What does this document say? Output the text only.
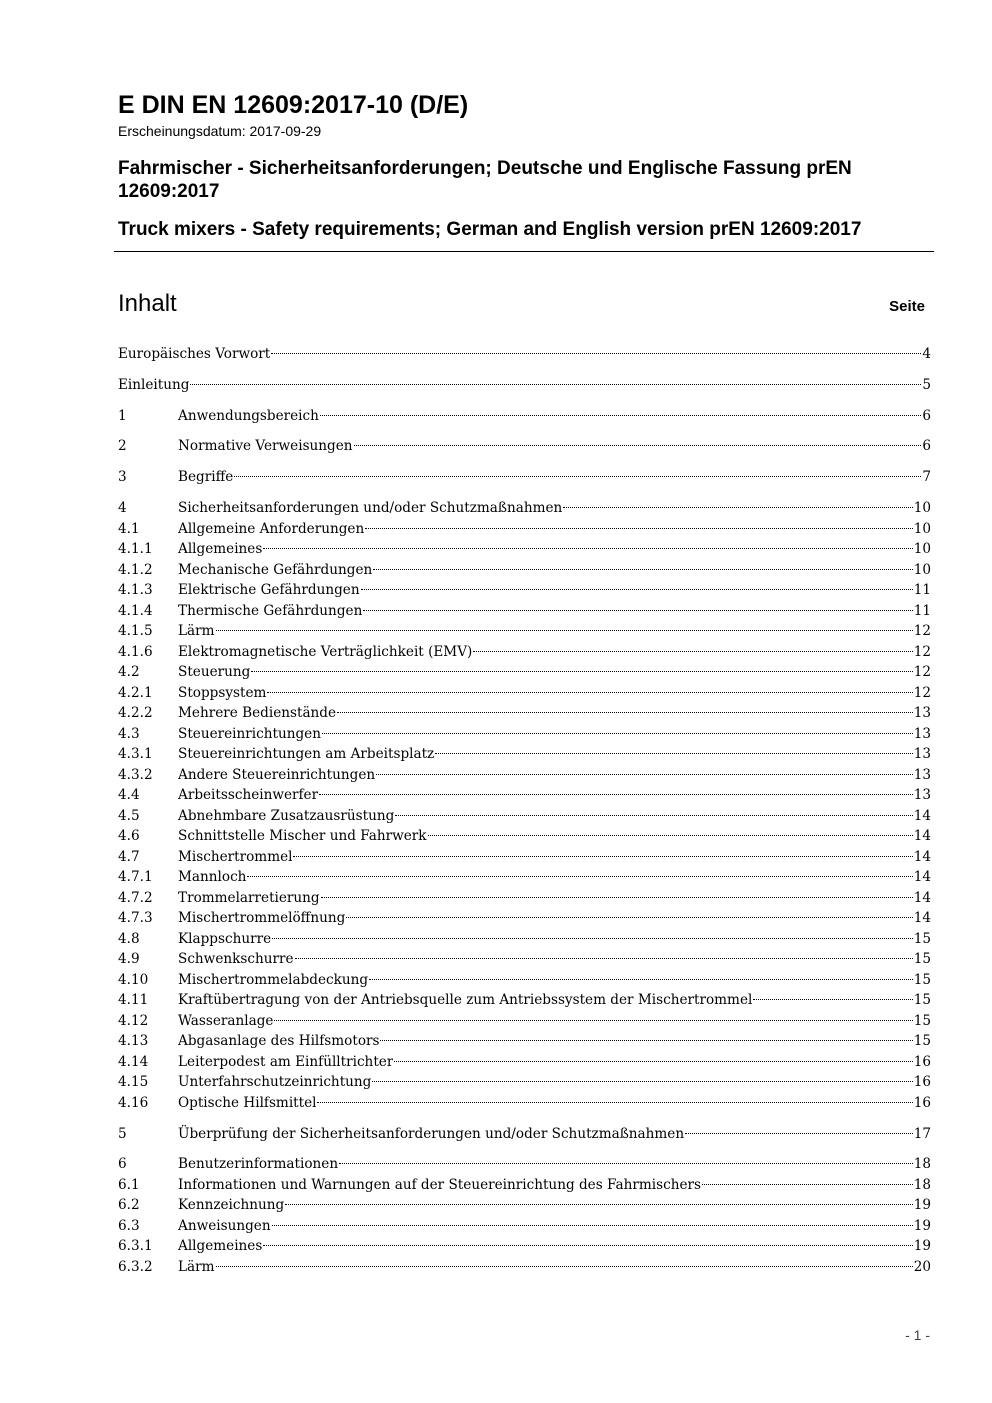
E DIN EN 12609:2017-10 (D/E)
Erscheinungsdatum: 2017-09-29
Fahrmischer - Sicherheitsanforderungen; Deutsche und Englische Fassung prEN 12609:2017
Truck mixers - Safety requirements; German and English version prEN 12609:2017
Inhalt	Seite
Europäisches Vorwort	4
Einleitung	5
1	Anwendungsbereich	6
2	Normative Verweisungen	6
3	Begriffe	7
4	Sicherheitsanforderungen und/oder Schutzmaßnahmen	10
4.1	Allgemeine Anforderungen	10
4.1.1	Allgemeines	10
4.1.2	Mechanische Gefährdungen	10
4.1.3	Elektrische Gefährdungen	11
4.1.4	Thermische Gefährdungen	11
4.1.5	Lärm	12
4.1.6	Elektromagnetische Verträglichkeit (EMV)	12
4.2	Steuerung	12
4.2.1	Stoppsystem	12
4.2.2	Mehrere Bedienstände	13
4.3	Steuereinrichtungen	13
4.3.1	Steuereinrichtungen am Arbeitsplatz	13
4.3.2	Andere Steuereinrichtungen	13
4.4	Arbeitsscheinwerfer	13
4.5	Abnehmbare Zusatzausrüstung	14
4.6	Schnittstelle Mischer und Fahrwerk	14
4.7	Mischertrommel	14
4.7.1	Mannloch	14
4.7.2	Trommelarretierung	14
4.7.3	Mischertrommelöffnung	14
4.8	Klappschurre	15
4.9	Schwenkschurre	15
4.10	Mischertrommelabdeckung	15
4.11	Kraftübertragung von der Antriebsquelle zum Antriebssystem der Mischertrommel	15
4.12	Wasseranlage	15
4.13	Abgasanlage des Hilfsmotors	15
4.14	Leiterpodest am Einfülltrichter	16
4.15	Unterfahrschutzeinrichtung	16
4.16	Optische Hilfsmittel	16
5	Überprüfung der Sicherheitsanforderungen und/oder Schutzmaßnahmen	17
6	Benutzerinformationen	18
6.1	Informationen und Warnungen auf der Steuereinrichtung des Fahrmischers	18
6.2	Kennzeichnung	19
6.3	Anweisungen	19
6.3.1	Allgemeines	19
6.3.2	Lärm	20
- 1 -
